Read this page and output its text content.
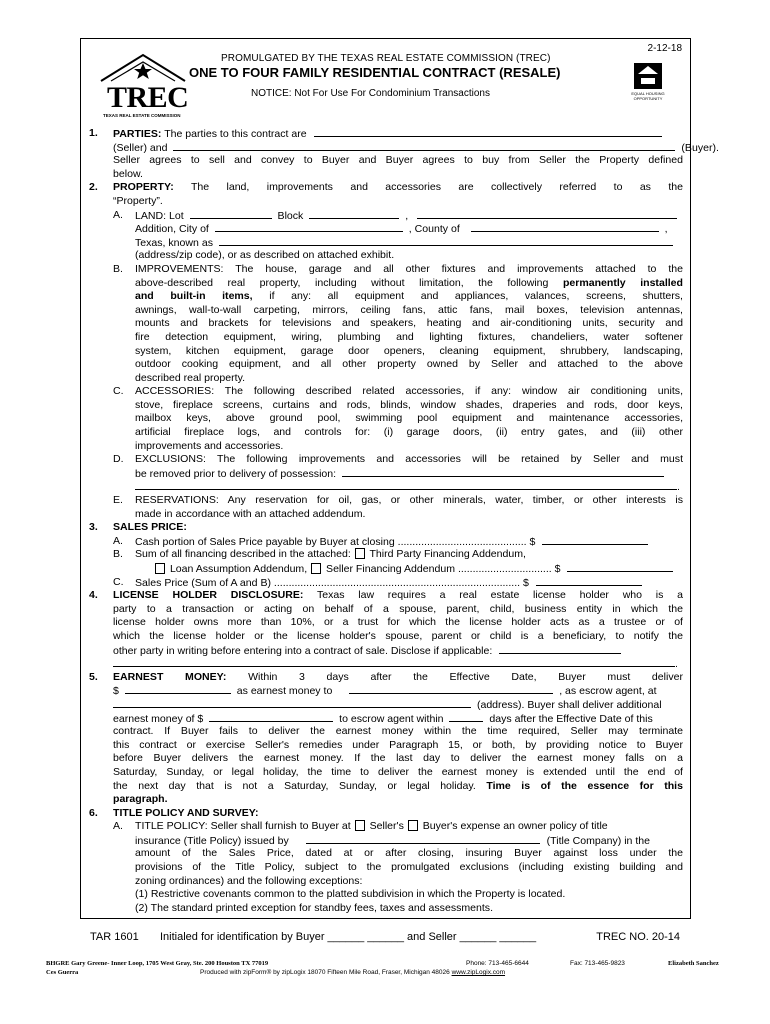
2-12-18
TREC
TEXAS REAL ESTATE COMMISSION
PROMULGATED BY THE TEXAS REAL ESTATE COMMISSION (TREC)
ONE TO FOUR FAMILY RESIDENTIAL CONTRACT (RESALE)
NOTICE: Not For Use For Condominium Transactions	EQUAL HOUSING OPPORTUNITY
1. PARTIES: The parties to this contract are
(Seller) and	(Buyer).
Seller agrees to sell and convey to Buyer and Buyer agrees to buy from Seller the Property defined
below.
2. PROPERTY: The land, improvements and accessories are collectively referred to as the
“Property”.
A. LAND: Lot	Block	,
Addition, City of	, County of	,
Texas, known as
(address/zip code), or as described on attached exhibit.
B. IMPROVEMENTS: The house, garage and all other fixtures and improvements attached to the
above-described real property, including without limitation, the following permanently installed
and built-in items, if any: all equipment and appliances, valances, screens, shutters,
awnings, wall-to-wall carpeting, mirrors, ceiling fans, attic fans, mail boxes, television antennas,
mounts and brackets for televisions and speakers, heating and air-conditioning units, security and
fire detection equipment, wiring, plumbing and lighting fixtures, chandeliers, water softener
system, kitchen equipment, garage door openers, cleaning equipment, shrubbery, landscaping,
outdoor cooking equipment, and all other property owned by Seller and attached to the above
described real property.
C. ACCESSORIES: The following described related accessories, if any: window air conditioning units,
stove, fireplace screens, curtains and rods, blinds, window shades, draperies and rods, door keys,
mailbox keys, above ground pool, swimming pool equipment and maintenance accessories,
artificial fireplace logs, and controls for: (i) garage doors, (ii) entry gates, and (iii) other
improvements and accessories.
D. EXCLUSIONS: The following improvements and accessories will be retained by Seller and must
be removed prior to delivery of possession:
.
E. RESERVATIONS: Any reservation for oil, gas, or other minerals, water, timber, or other interests is
made in accordance with an attached addendum.
3. SALES PRICE:
A. Cash portion of Sales Price payable by Buyer at closing ............................................ $
B. Sum of all financing described in the attached: Third Party Financing Addendum,
Loan Assumption Addendum, Seller Financing Addendum ................................ $
C. Sales Price (Sum of A and B) .................................................................................... $
4. LICENSE HOLDER DISCLOSURE: Texas law requires a real estate license holder who is a
party to a transaction or acting on behalf of a spouse, parent, child, business entity in which the
license holder owns more than 10%, or a trust for which the license holder acts as a trustee or of
which the license holder or the license holder's spouse, parent or child is a beneficiary, to notify the
other party in writing before entering into a contract of sale. Disclose if applicable:
.
5. EARNEST MONEY: Within 3 days after the Effective Date, Buyer must deliver
$	as earnest money to	, as escrow agent, at
(address). Buyer shall deliver additional
earnest money of $	to escrow agent within	days after the Effective Date of this
contract. If Buyer fails to deliver the earnest money within the time required, Seller may terminate
this contract or exercise Seller's remedies under Paragraph 15, or both, by providing notice to Buyer
before Buyer delivers the earnest money. If the last day to deliver the earnest money falls on a
Saturday, Sunday, or legal holiday, the time to deliver the earnest money is extended until the end of
the next day that is not a Saturday, Sunday, or legal holiday. Time is of the essence for this
paragraph.
6. TITLE POLICY AND SURVEY:
A. TITLE POLICY: Seller shall furnish to Buyer at Seller's Buyer's expense an owner policy of title
insurance (Title Policy) issued by	(Title Company) in the
amount of the Sales Price, dated at or after closing, insuring Buyer against loss under the
provisions of the Title Policy, subject to the promulgated exclusions (including existing building and
zoning ordinances) and the following exceptions:
(1) Restrictive covenants common to the platted subdivision in which the Property is located.
(2) The standard printed exception for standby fees, taxes and assessments.
TAR 1601 Initialed for identification by Buyer ______ ______ and Seller ______ ______	TREC NO. 20-14
BHGRE Gary Greene- Inner Loop, 1705 West Gray, Ste. 200 Houston TX 77019	Phone: 713-465-6644	Fax: 713-465-9823	Elizabeth Sanchez
Ces Guerra	Produced with zipForm® by zipLogix 18070 Fifteen Mile Road, Fraser, Michigan 48026 www.zipLogix.com
